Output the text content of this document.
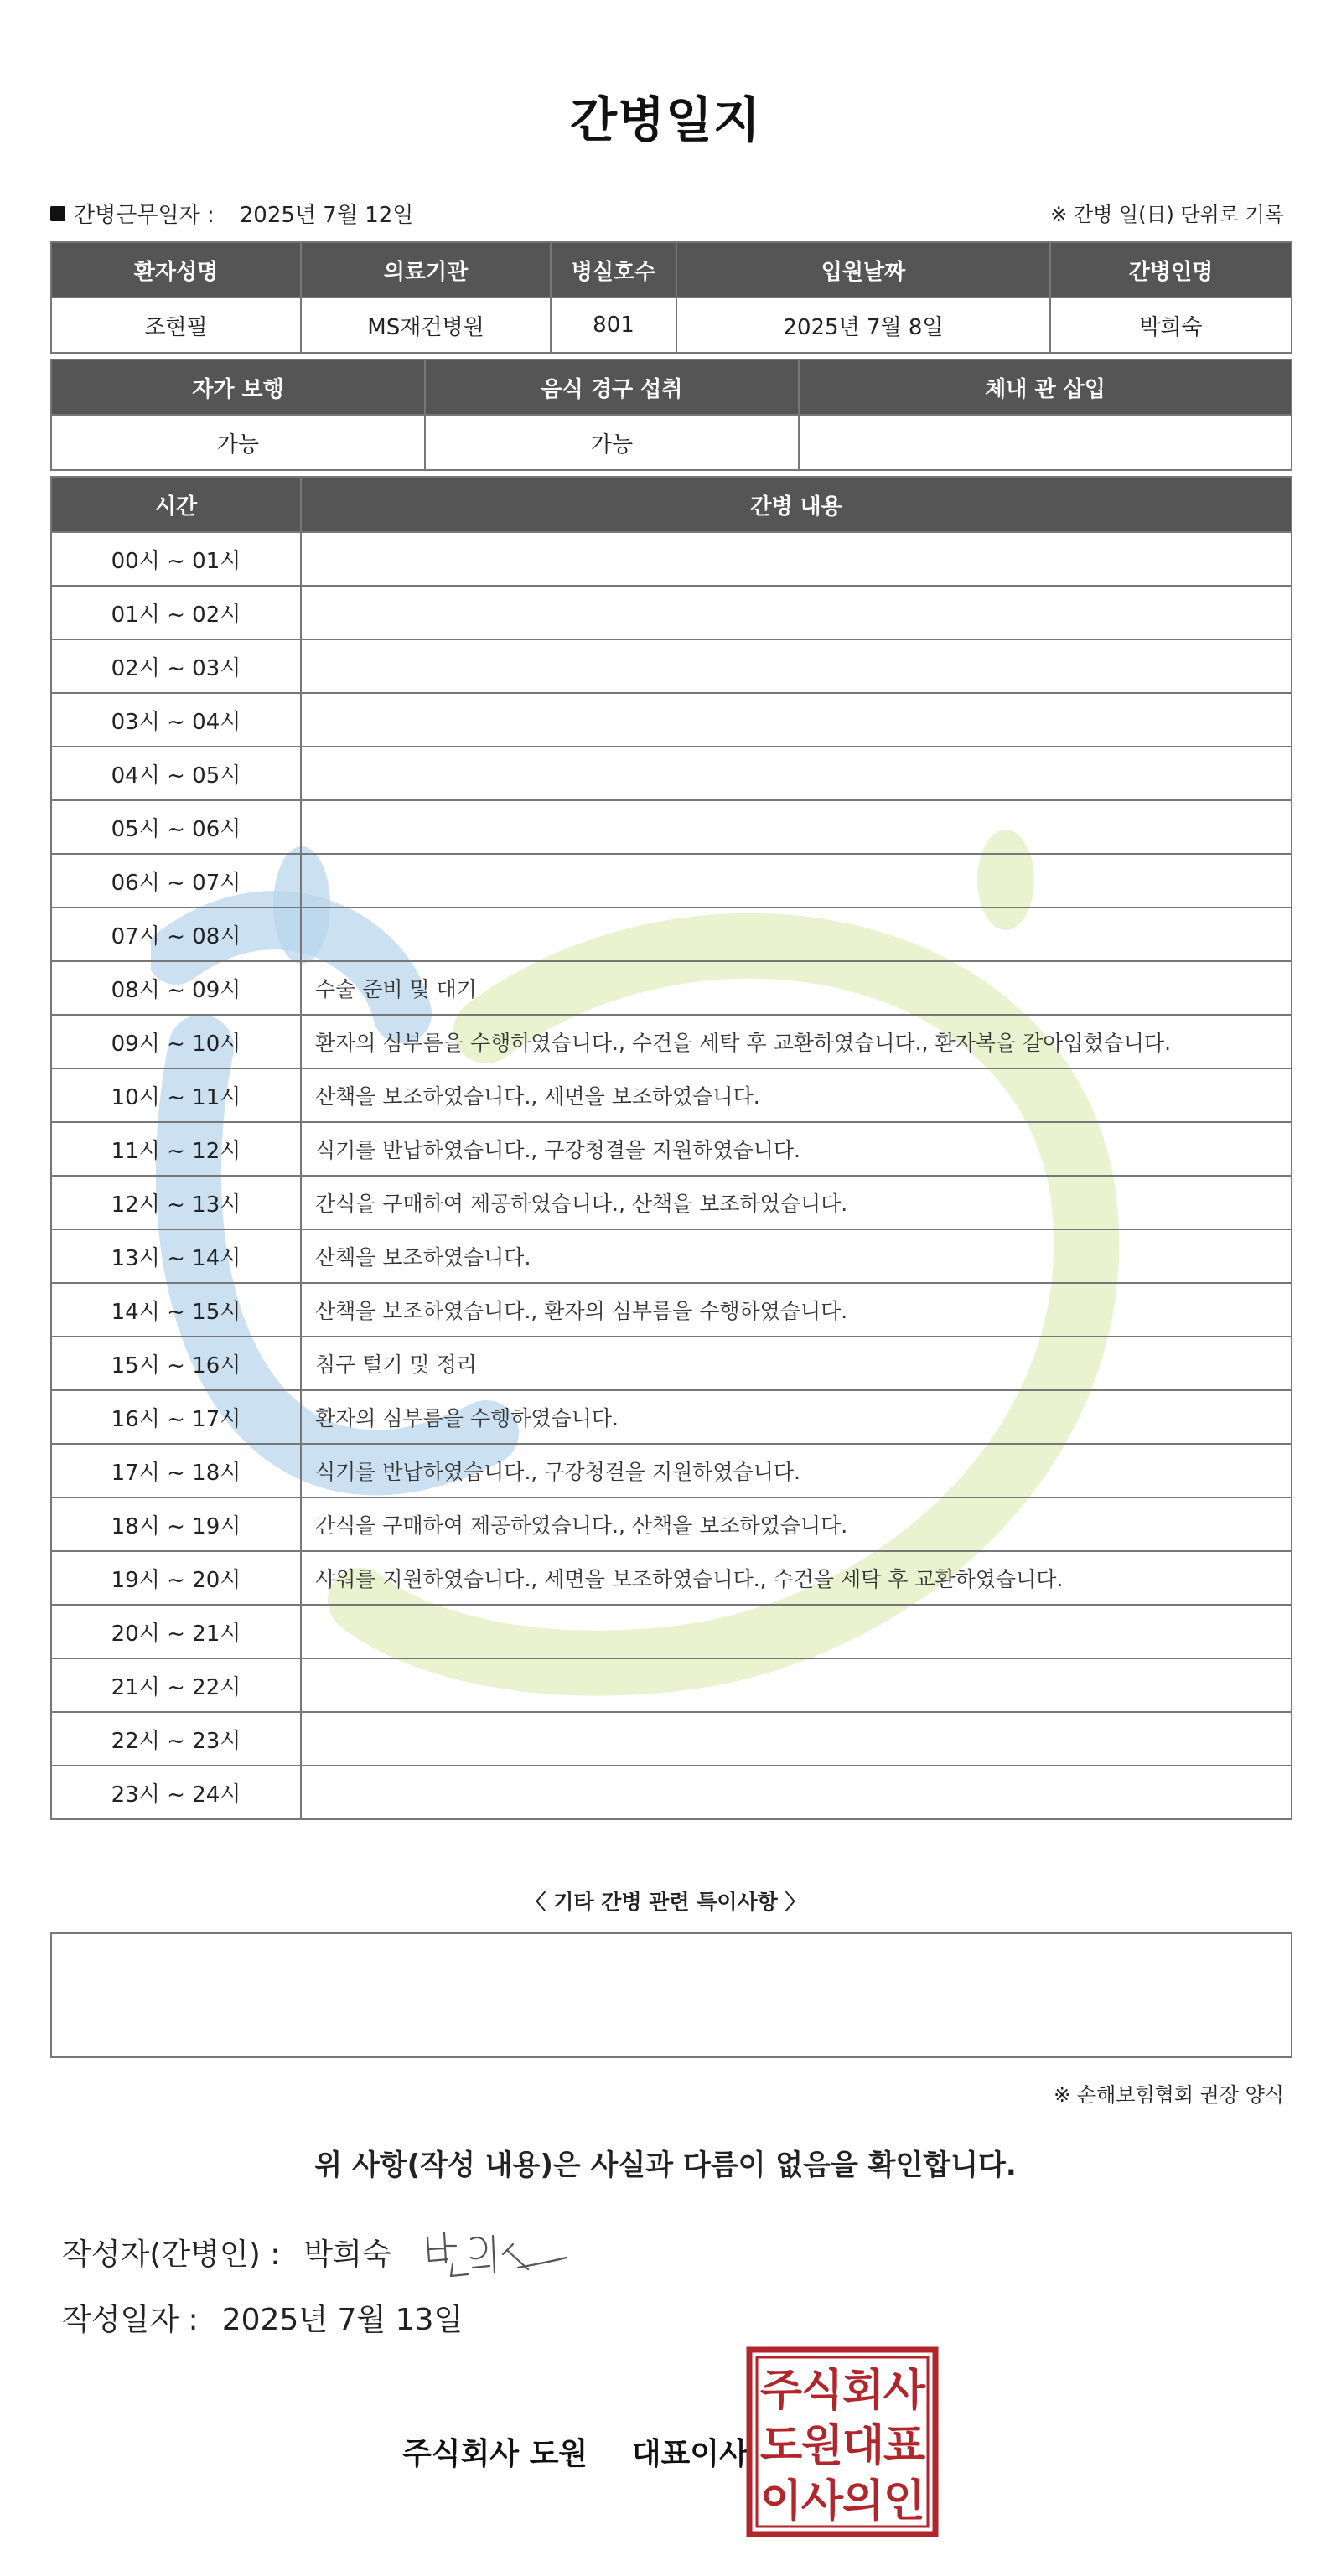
간병일지
간병근무일자 : 2025년 7월 12일	※ 간병 일(日) 단위로 기록
환자성명	의료기관	병실호수	입원날짜	간병인명
조현필	MS재건병원	801	2025년 7월 8일	박희숙
자가 보행	음식 경구 섭취	체내 관 삽입
가능	가능	
시간	간병 내용
00시 ~ 01시	
01시 ~ 02시	
02시 ~ 03시	
03시 ~ 04시	
04시 ~ 05시	
05시 ~ 06시	
06시 ~ 07시	
07시 ~ 08시	
08시 ~ 09시	수술 준비 및 대기
09시 ~ 10시	환자의 심부름을 수행하였습니다., 수건을 세탁 후 교환하였습니다., 환자복을 갈아입혔습니다.
10시 ~ 11시	산책을 보조하였습니다., 세면을 보조하였습니다.
11시 ~ 12시	식기를 반납하였습니다., 구강청결을 지원하였습니다.
12시 ~ 13시	간식을 구매하여 제공하였습니다., 산책을 보조하였습니다.
13시 ~ 14시	산책을 보조하였습니다.
14시 ~ 15시	산책을 보조하였습니다., 환자의 심부름을 수행하였습니다.
15시 ~ 16시	침구 털기 및 정리
16시 ~ 17시	환자의 심부름을 수행하였습니다.
17시 ~ 18시	식기를 반납하였습니다., 구강청결을 지원하였습니다.
18시 ~ 19시	간식을 구매하여 제공하였습니다., 산책을 보조하였습니다.
19시 ~ 20시	샤워를 지원하였습니다., 세면을 보조하였습니다., 수건을 세탁 후 교환하였습니다.
20시 ~ 21시	
21시 ~ 22시	
22시 ~ 23시	
23시 ~ 24시	
〈 기타 간병 관련 특이사항 〉
※ 손해보험협회 권장 양식
위 사항(작성 내용)은 사실과 다름이 없음을 확인합니다.
작성자(간병인) : 박희숙
작성일자 : 2025년 7월 13일
주식회사 도원 대표이사
주
식
회
사
도
원
대
표
이
사
의
인
